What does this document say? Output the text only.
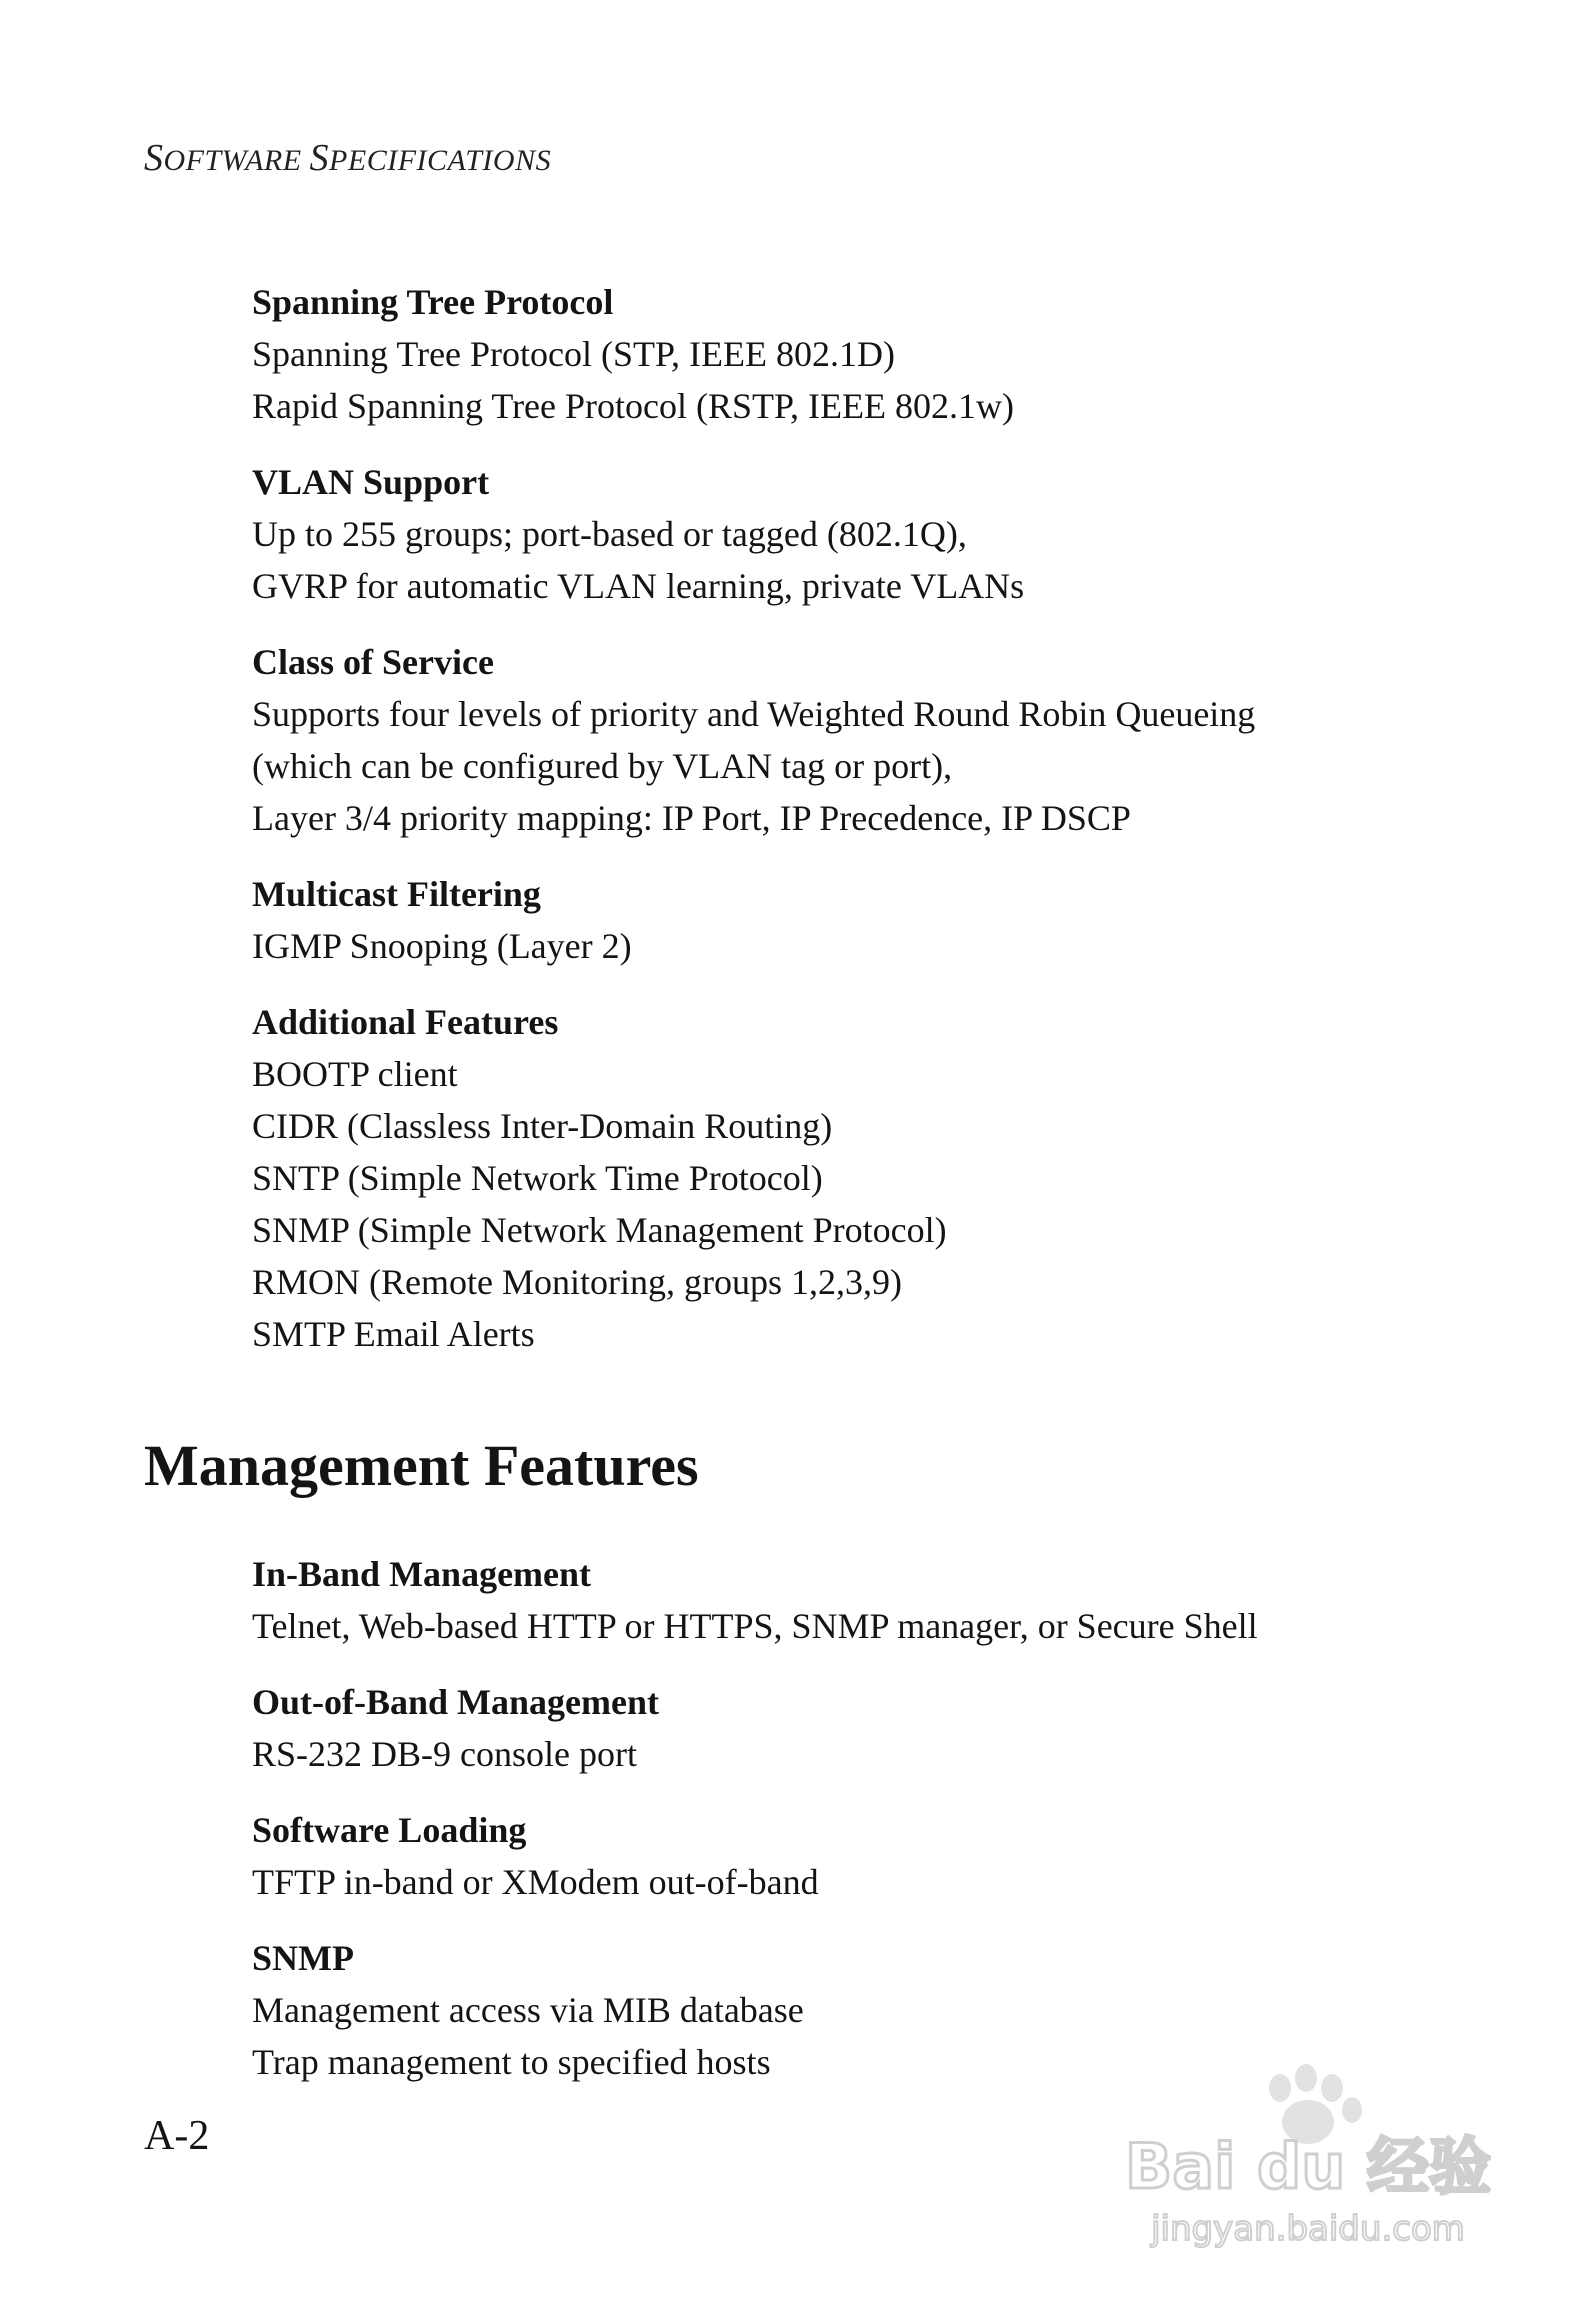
SOFTWARE SPECIFICATIONS
Spanning Tree Protocol
Spanning Tree Protocol (STP, IEEE 802.1D)
Rapid Spanning Tree Protocol (RSTP, IEEE 802.1w)
VLAN Support
Up to 255 groups; port-based or tagged (802.1Q),
GVRP for automatic VLAN learning, private VLANs
Class of Service
Supports four levels of priority and Weighted Round Robin Queueing
(which can be configured by VLAN tag or port),
Layer 3/4 priority mapping: IP Port, IP Precedence, IP DSCP
Multicast Filtering
IGMP Snooping (Layer 2)
Additional Features
BOOTP client
CIDR (Classless Inter-Domain Routing)
SNTP (Simple Network Time Protocol)
SNMP (Simple Network Management Protocol)
RMON (Remote Monitoring, groups 1,2,3,9)
SMTP Email Alerts
Management Features
In-Band Management
Telnet, Web-based HTTP or HTTPS, SNMP manager, or Secure Shell
Out-of-Band Management
RS-232 DB-9 console port
Software Loading
TFTP in-band or XModem out-of-band
SNMP
Management access via MIB database
Trap management to specified hosts
A-2	Bai du 经验
jingyan.baidu.com
